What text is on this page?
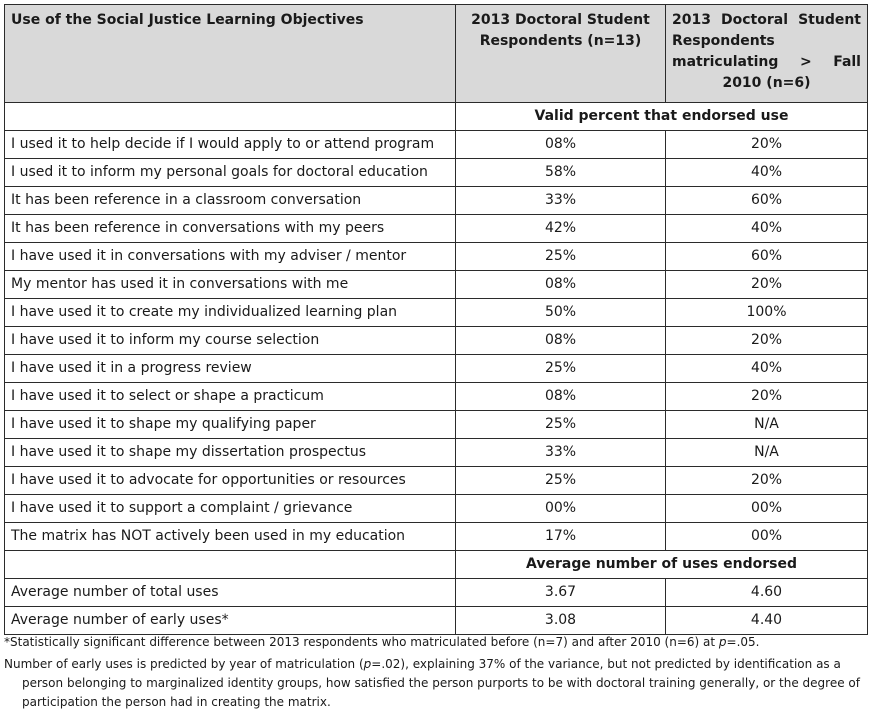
Use of the Social Justice Learning Objectives	2013 Doctoral Student Respondents (n=13)	2013 Doctoral Student Respondents matriculating > Fall 2010 (n=6)
	Valid percent that endorsed use	
I used it to help decide if I would apply to or attend program	08%	20%
I used it to inform my personal goals for doctoral education	58%	40%
It has been reference in a classroom conversation	33%	60%
It has been reference in conversations with my peers	42%	40%
I have used it in conversations with my adviser / mentor	25%	60%
My mentor has used it in conversations with me	08%	20%
I have used it to create my individualized learning plan	50%	100%
I have used it to inform my course selection	08%	20%
I have used it in a progress review	25%	40%
I have used it to select or shape a practicum	08%	20%
I have used it to shape my qualifying paper	25%	N/A
I have used it to shape my dissertation prospectus	33%	N/A
I have used it to advocate for opportunities or resources	25%	20%
I have used it to support a complaint / grievance	00%	00%
The matrix has NOT actively been used in my education	17%	00%
	Average number of uses endorsed	
Average number of total uses	3.67	4.60
Average number of early uses*	3.08	4.40

*Statistically significant difference between 2013 respondents who matriculated before (n=7) and after 2010 (n=6) at p=.05.

Number of early uses is predicted by year of matriculation (p=.02), explaining 37% of the variance, but not predicted by identification as a person belonging to marginalized identity groups, how satisfied the person purports to be with doctoral training generally, or the degree of participation the person had in creating the matrix.
